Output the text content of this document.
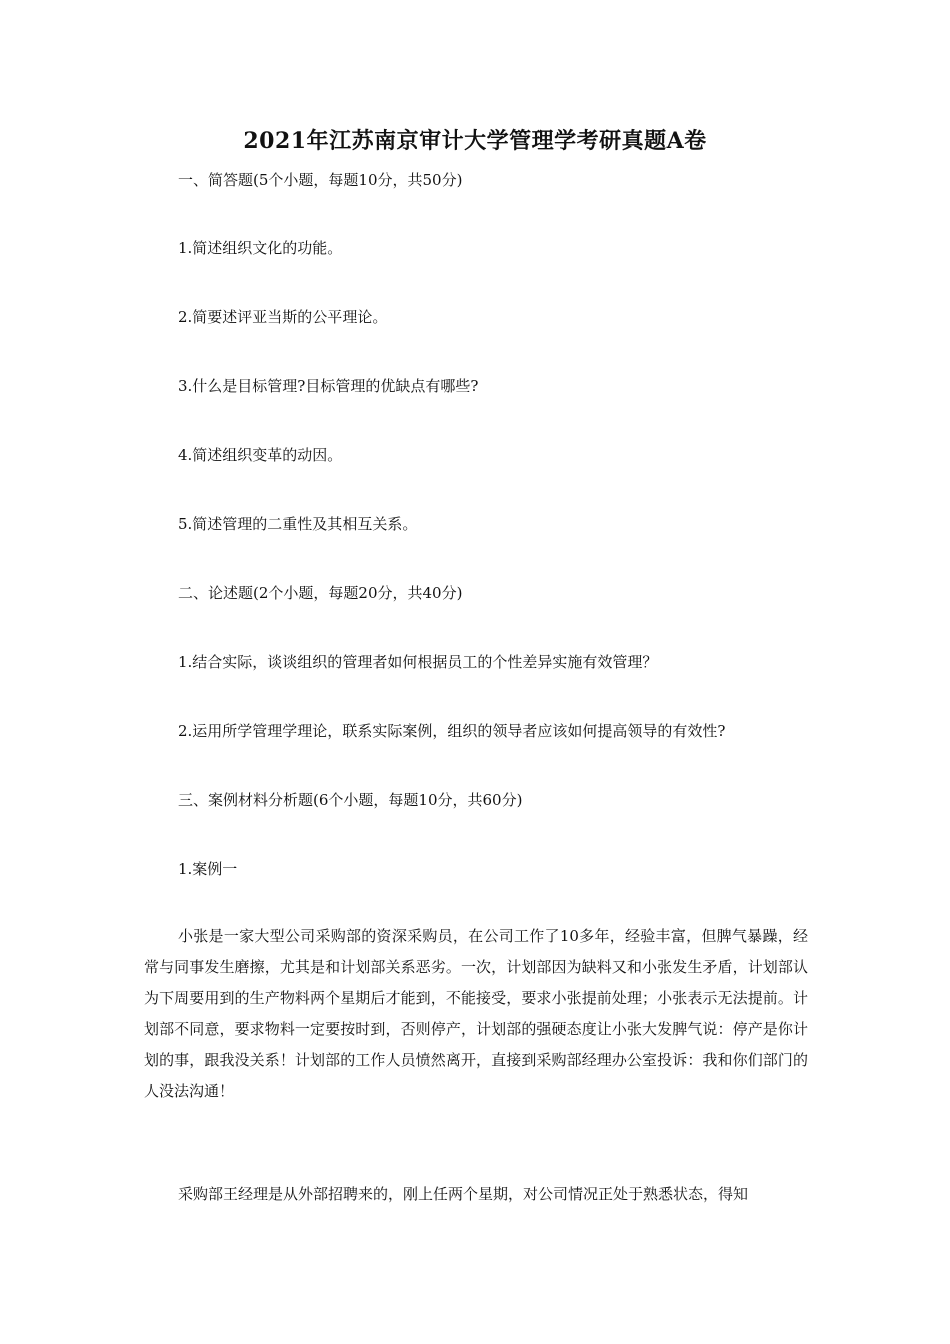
2021年江苏南京审计大学管理学考研真题A卷
一、简答题(5个小题，每题10分，共50分)
1.简述组织文化的功能。
2.简要述评亚当斯的公平理论。
3.什么是目标管理?目标管理的优缺点有哪些?
4.简述组织变革的动因。
5.简述管理的二重性及其相互关系。
二、论述题(2个小题，每题20分，共40分)
1.结合实际，谈谈组织的管理者如何根据员工的个性差异实施有效管理？
2.运用所学管理学理论，联系实际案例，组织的领导者应该如何提高领导的有效性?
三、案例材料分析题(6个小题，每题10分，共60分)
1.案例一

小张是一家大型公司采购部的资深采购员，在公司工作了10多年，经验丰富，但脾气暴躁，经常与同事发生磨擦，尤其是和计划部关系恶劣。一次，计划部因为缺料又和小张发生矛盾，计划部认为下周要用到的生产物料两个星期后才能到，不能接受，要求小张提前处理；小张表示无法提前。计划部不同意，要求物料一定要按时到，否则停产，计划部的强硬态度让小张大发脾气说：停产是你计划的事，跟我没关系！计划部的工作人员愤然离开，直接到采购部经理办公室投诉：我和你们部门的人没法沟通！

采购部王经理是从外部招聘来的，刚上任两个星期，对公司情况正处于熟悉状态，得知
